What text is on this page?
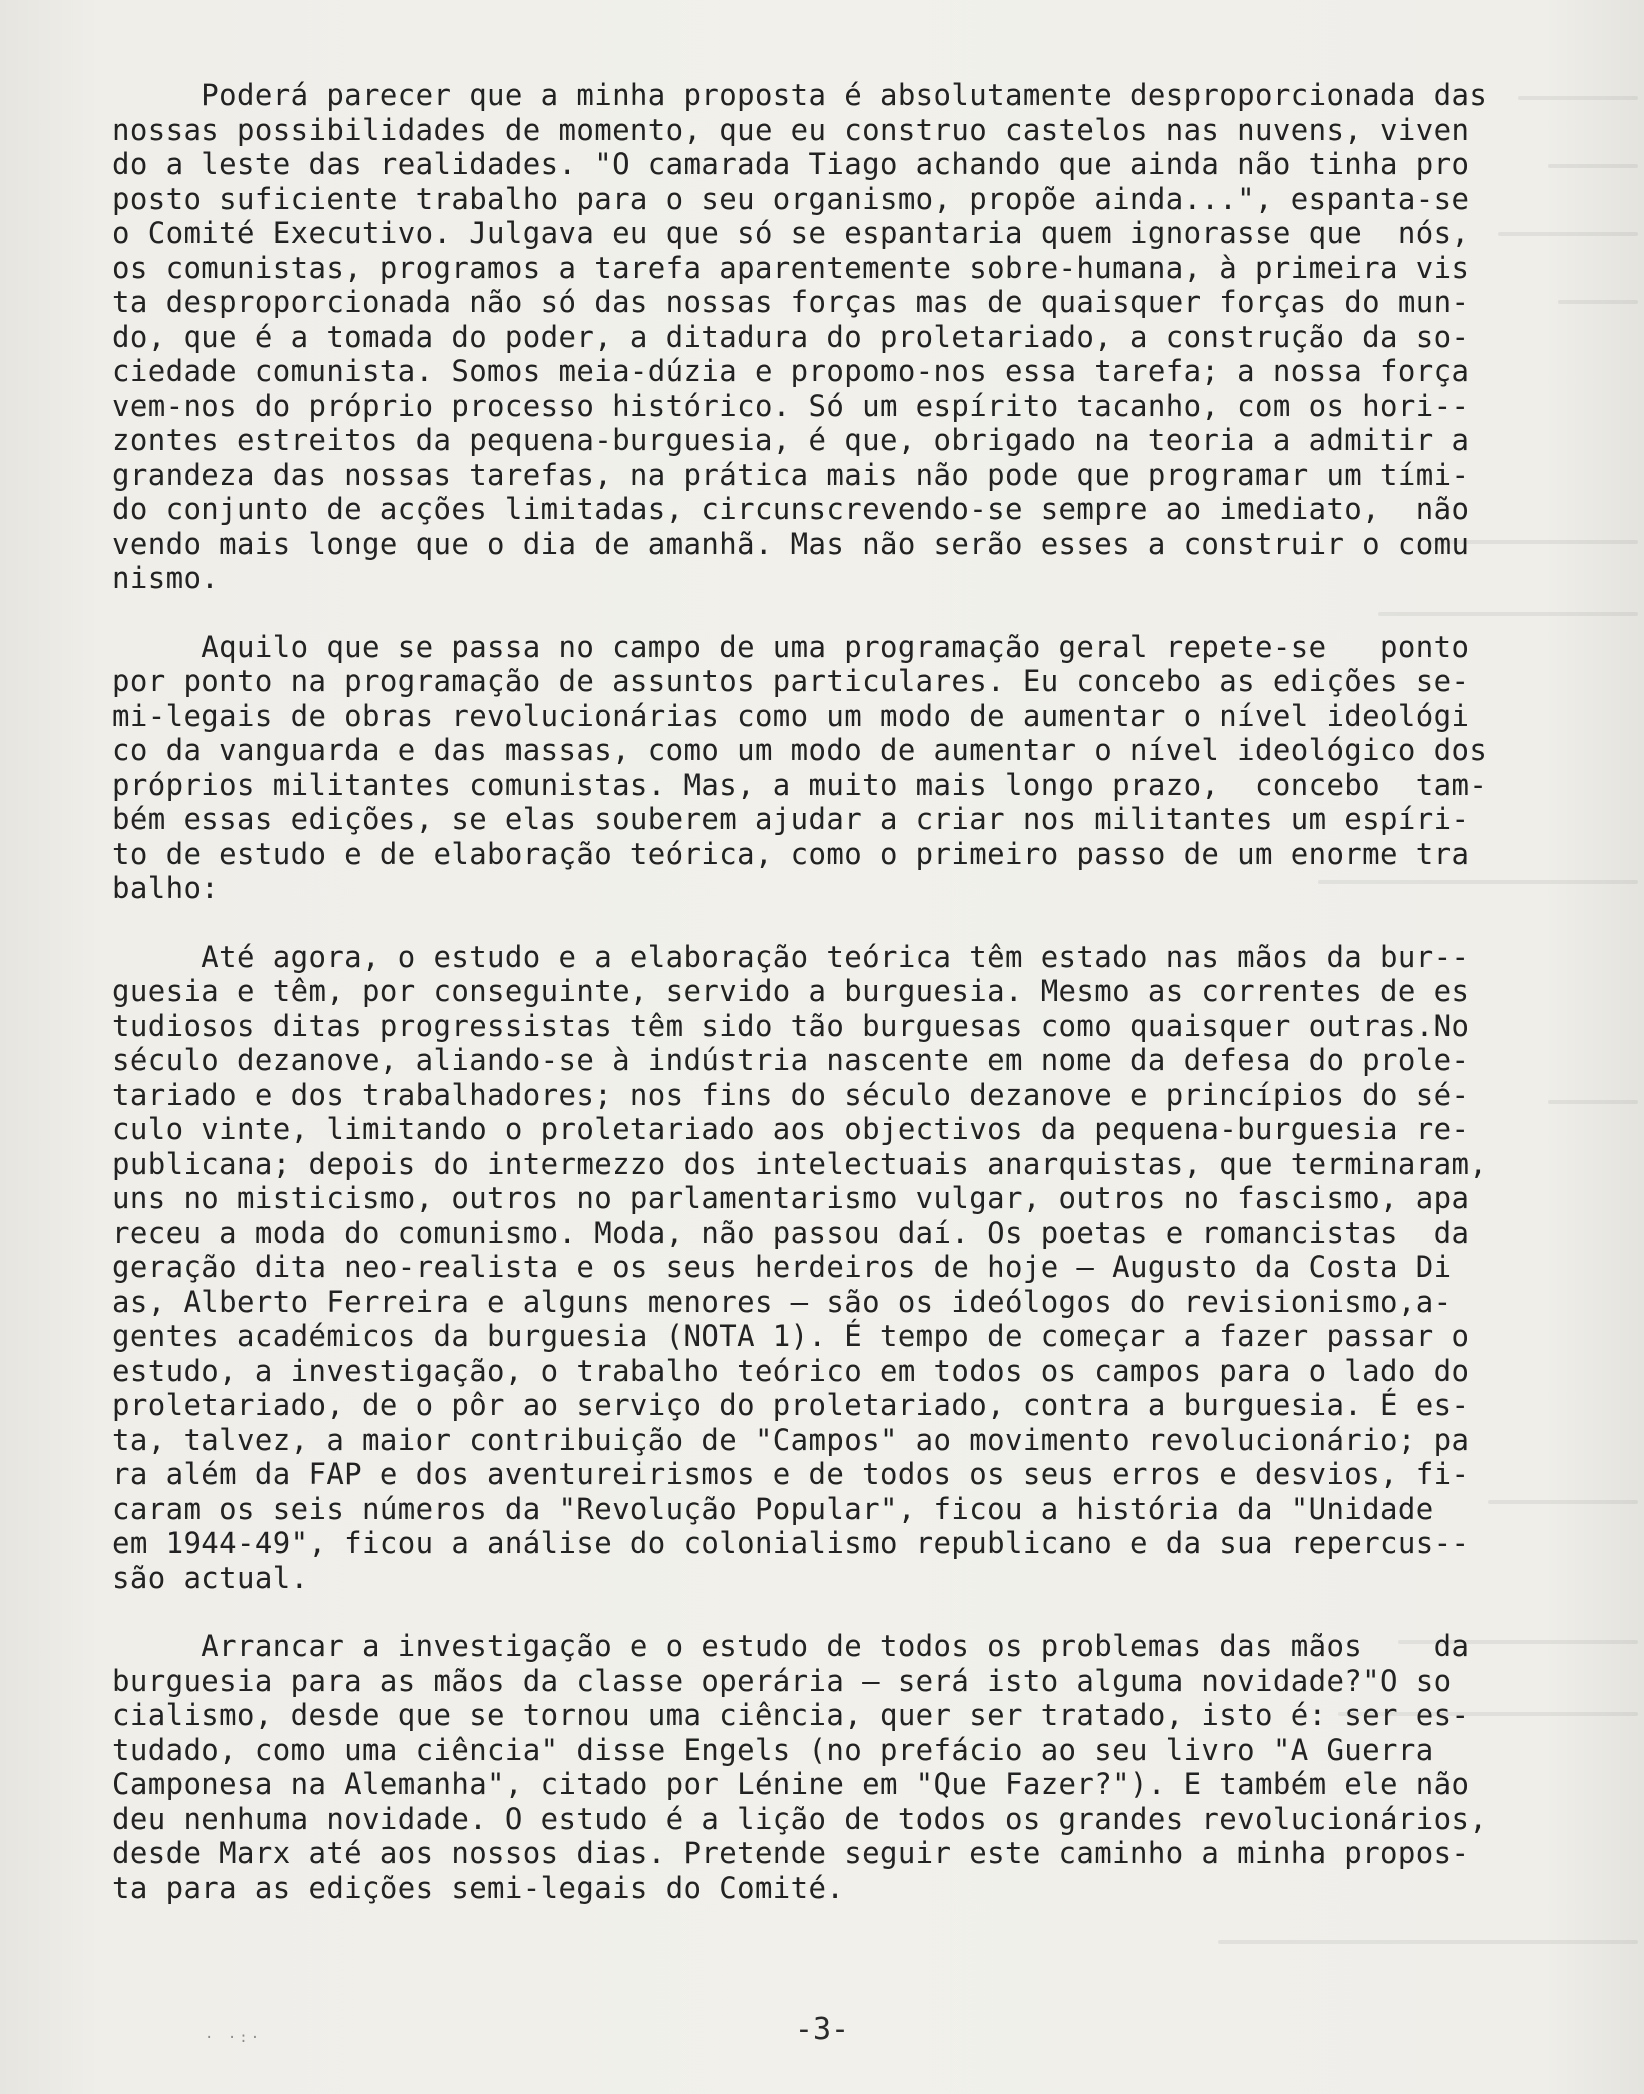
Poderá parecer que a minha proposta é absolutamente desproporcionada das
nossas possibilidades de momento, que eu construo castelos nas nuvens, viven
do a leste das realidades. "O camarada Tiago achando que ainda não tinha pro
posto suficiente trabalho para o seu organismo, propõe ainda...", espanta-se
o Comité Executivo. Julgava eu que só se espantaria quem ignorasse que  nós,
os comunistas, programos a tarefa aparentemente sobre-humana, à primeira vis
ta desproporcionada não só das nossas forças mas de quaisquer forças do mun-
do, que é a tomada do poder, a ditadura do proletariado, a construção da so-
ciedade comunista. Somos meia-dúzia e propomo-nos essa tarefa; a nossa força
vem-nos do próprio processo histórico. Só um espírito tacanho, com os hori--
zontes estreitos da pequena-burguesia, é que, obrigado na teoria a admitir a
grandeza das nossas tarefas, na prática mais não pode que programar um tími-
do conjunto de acções limitadas, circunscrevendo-se sempre ao imediato,  não
vendo mais longe que o dia de amanhã. Mas não serão esses a construir o comu
nismo.
Aquilo que se passa no campo de uma programação geral repete-se   ponto
por ponto na programação de assuntos particulares. Eu concebo as edições se-
mi-legais de obras revolucionárias como um modo de aumentar o nível ideológi
co da vanguarda e das massas, como um modo de aumentar o nível ideológico dos
próprios militantes comunistas. Mas, a muito mais longo prazo,  concebo  tam-
bém essas edições, se elas souberem ajudar a criar nos militantes um espíri-
to de estudo e de elaboração teórica, como o primeiro passo de um enorme tra
balho:
Até agora, o estudo e a elaboração teórica têm estado nas mãos da bur--
guesia e têm, por conseguinte, servido a burguesia. Mesmo as correntes de es
tudiosos ditas progressistas têm sido tão burguesas como quaisquer outras.No
século dezanove, aliando-se à indústria nascente em nome da defesa do prole-
tariado e dos trabalhadores; nos fins do século dezanove e princípios do sé-
culo vinte, limitando o proletariado aos objectivos da pequena-burguesia re-
publicana; depois do intermezzo dos intelectuais anarquistas, que terminaram,
uns no misticismo, outros no parlamentarismo vulgar, outros no fascismo, apa
receu a moda do comunismo. Moda, não passou daí. Os poetas e romancistas  da
geração dita neo-realista e os seus herdeiros de hoje — Augusto da Costa Di
as, Alberto Ferreira e alguns menores — são os ideólogos do revisionismo,a-
gentes académicos da burguesia (NOTA 1). É tempo de começar a fazer passar o
estudo, a investigação, o trabalho teórico em todos os campos para o lado do
proletariado, de o pôr ao serviço do proletariado, contra a burguesia. É es-
ta, talvez, a maior contribuição de "Campos" ao movimento revolucionário; pa
ra além da FAP e dos aventureirismos e de todos os seus erros e desvios, fi-
caram os seis números da "Revolução Popular", ficou a história da "Unidade
em 1944-49", ficou a análise do colonialismo republicano e da sua repercus--
são actual.
Arrancar a investigação e o estudo de todos os problemas das mãos    da
burguesia para as mãos da classe operária — será isto alguma novidade?"O so
cialismo, desde que se tornou uma ciência, quer ser tratado, isto é: ser es-
tudado, como uma ciência" disse Engels (no prefácio ao seu livro "A Guerra
Camponesa na Alemanha", citado por Lénine em "Que Fazer?"). E também ele não
deu nenhuma novidade. O estudo é a lição de todos os grandes revolucionários,
desde Marx até aos nossos dias. Pretende seguir este caminho a minha propos-
ta para as edições semi-legais do Comité.
· ·:·	-3-
